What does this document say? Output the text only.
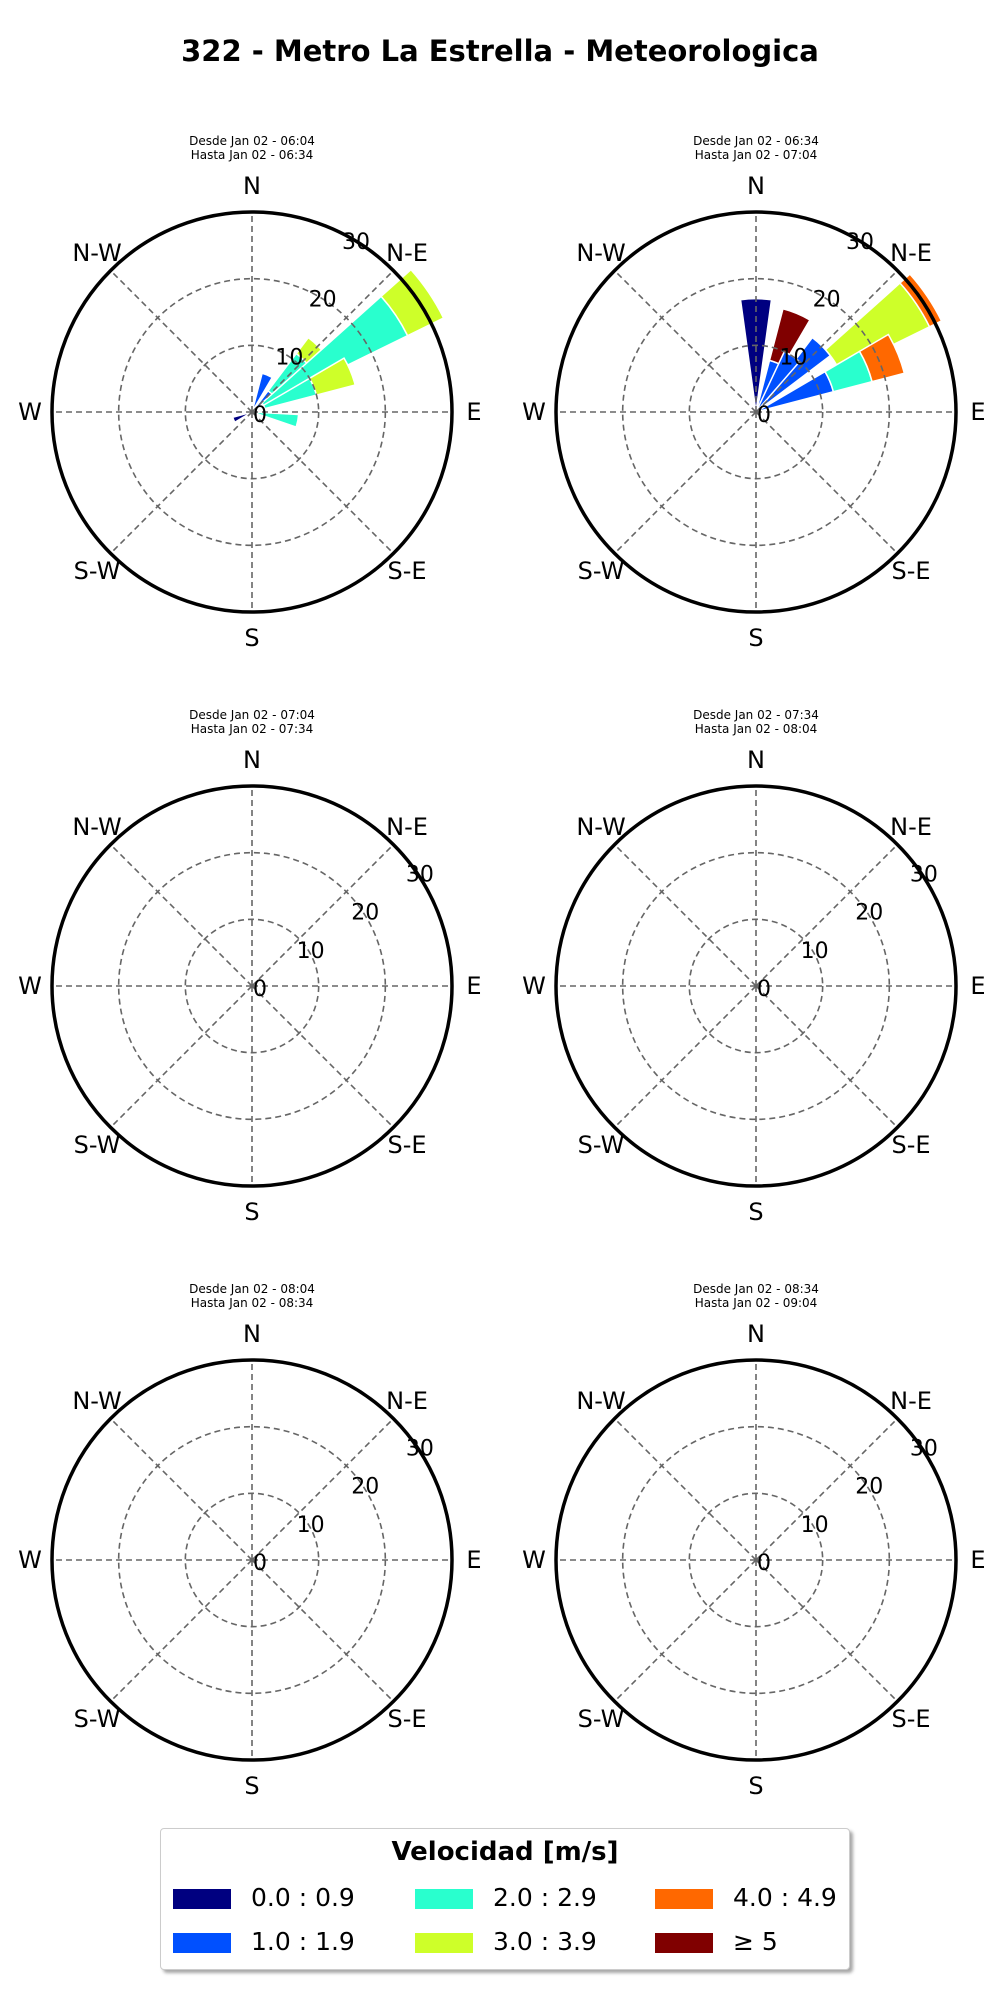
322 - Metro La Estrella - Meteorologica
Desde Jan 02 - 06:04
Hasta Jan 02 - 06:34
N
N-E
E
S-E
S
S-W
W
N-W
0
10
20
30
Desde Jan 02 - 06:34
Hasta Jan 02 - 07:04
N
N-E
E
S-E
S
S-W
W
N-W
0
10
20
30
Desde Jan 02 - 07:04
Hasta Jan 02 - 07:34
N
N-E
E
S-E
S
S-W
W
N-W
0
10
20
30
Desde Jan 02 - 07:34
Hasta Jan 02 - 08:04
N
N-E
E
S-E
S
S-W
W
N-W
0
10
20
30
Desde Jan 02 - 08:04
Hasta Jan 02 - 08:34
N
N-E
E
S-E
S
S-W
W
N-W
0
10
20
30
Desde Jan 02 - 08:34
Hasta Jan 02 - 09:04
N
N-E
E
S-E
S
S-W
W
N-W
0
10
20
30
Velocidad [m/s]
0.0 : 0.9
1.0 : 1.9
2.0 : 2.9
3.0 : 3.9
4.0 : 4.9
≥ 5
